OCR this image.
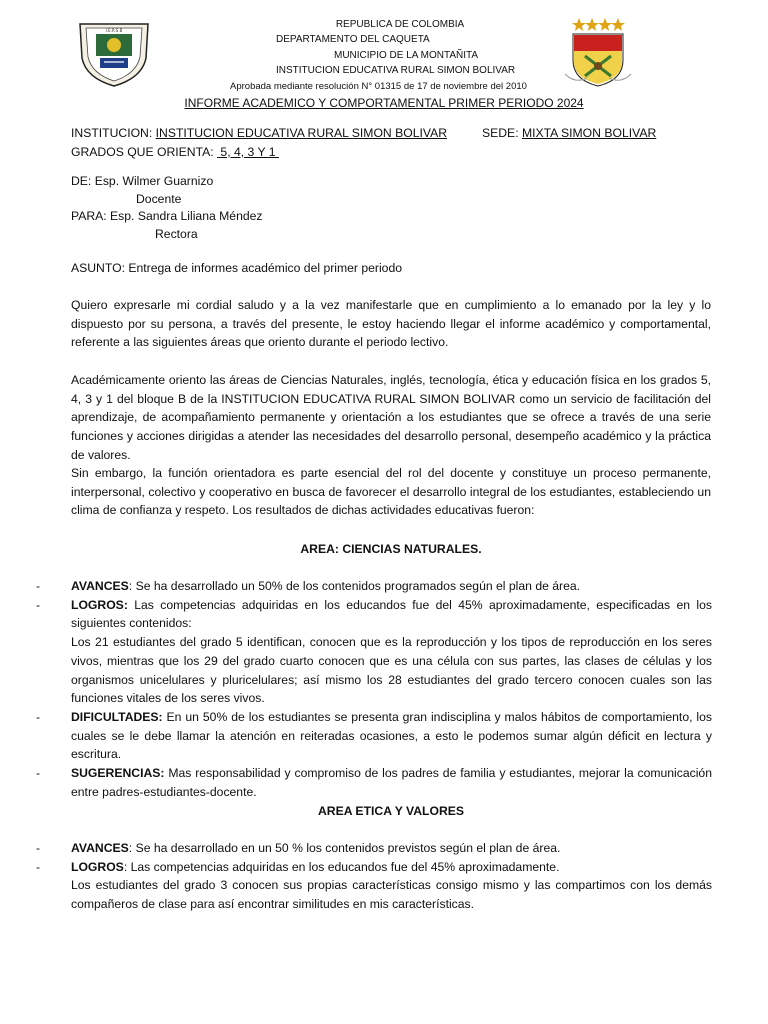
I.E.R.S.B
REPUBLICA DE COLOMBIA
DEPARTAMENTO DEL CAQUETA
MUNICIPIO DE LA MONTAÑITA
INSTITUCION EDUCATIVA RURAL SIMON BOLIVAR
Aprobada mediante resolución N° 01315 de 17 de noviembre del 2010
INFORME ACADEMICO Y COMPORTAMENTAL PRIMER PERIODO 2024
INSTITUCION: INSTITUCION EDUCATIVA RURAL SIMON BOLIVAR	SEDE: MIXTA SIMON BOLIVAR
GRADOS QUE ORIENTA:  5, 4, 3 Y 1
DE: Esp. Wilmer Guarnizo
Docente
PARA: Esp. Sandra Liliana Méndez
Rectora
ASUNTO: Entrega de informes académico del primer periodo
Quiero expresarle mi cordial saludo y a la vez manifestarle que en cumplimiento a lo emanado por la ley y lo dispuesto por su persona, a través del presente, le estoy haciendo llegar el informe académico y comportamental, referente a las siguientes áreas que oriento durante el periodo lectivo.
Académicamente oriento las áreas de Ciencias Naturales, inglés, tecnología, ética y educación física en los grados 5, 4, 3 y 1 del bloque B de la INSTITUCION EDUCATIVA RURAL SIMON BOLIVAR como un servicio de facilitación del aprendizaje, de acompañamiento permanente y orientación a los estudiantes que se ofrece a través de una serie funciones y acciones dirigidas a atender las necesidades del desarrollo personal, desempeño académico y la práctica de valores.
Sin embargo, la función orientadora es parte esencial del rol del docente y constituye un proceso permanente, interpersonal, colectivo y cooperativo en busca de favorecer el desarrollo integral de los estudiantes, estableciendo un clima de confianza y respeto. Los resultados de dichas actividades educativas fueron:
AREA: CIENCIAS NATURALES.
-	AVANCES: Se ha desarrollado un 50% de los contenidos programados según el plan de área.
-	LOGROS: Las competencias adquiridas en los educandos fue del 45% aproximadamente, especificadas en los siguientes contenidos:
Los 21 estudiantes del grado 5 identifican, conocen que es la reproducción y los tipos de reproducción en los seres vivos, mientras que los 29 del grado cuarto conocen que es una célula con sus partes, las clases de células y los organismos unicelulares y pluricelulares; así mismo los 28 estudiantes del grado tercero conocen cuales son las funciones vitales de los seres vivos.
-	DIFICULTADES: En un 50% de los estudiantes se presenta gran indisciplina y malos hábitos de comportamiento, los cuales se le debe llamar la atención en reiteradas ocasiones, a esto le podemos sumar algún déficit en lectura y escritura.
-	SUGERENCIAS: Mas responsabilidad y compromiso de los padres de familia y estudiantes, mejorar la comunicación entre padres-estudiantes-docente.
AREA ETICA Y VALORES
-	AVANCES: Se ha desarrollado en un 50 % los contenidos previstos según el plan de área.
-	LOGROS: Las competencias adquiridas en los educandos fue del 45% aproximadamente.
Los estudiantes del grado 3 conocen sus propias características consigo mismo y las compartimos con los demás compañeros de clase para así encontrar similitudes en mis características.
